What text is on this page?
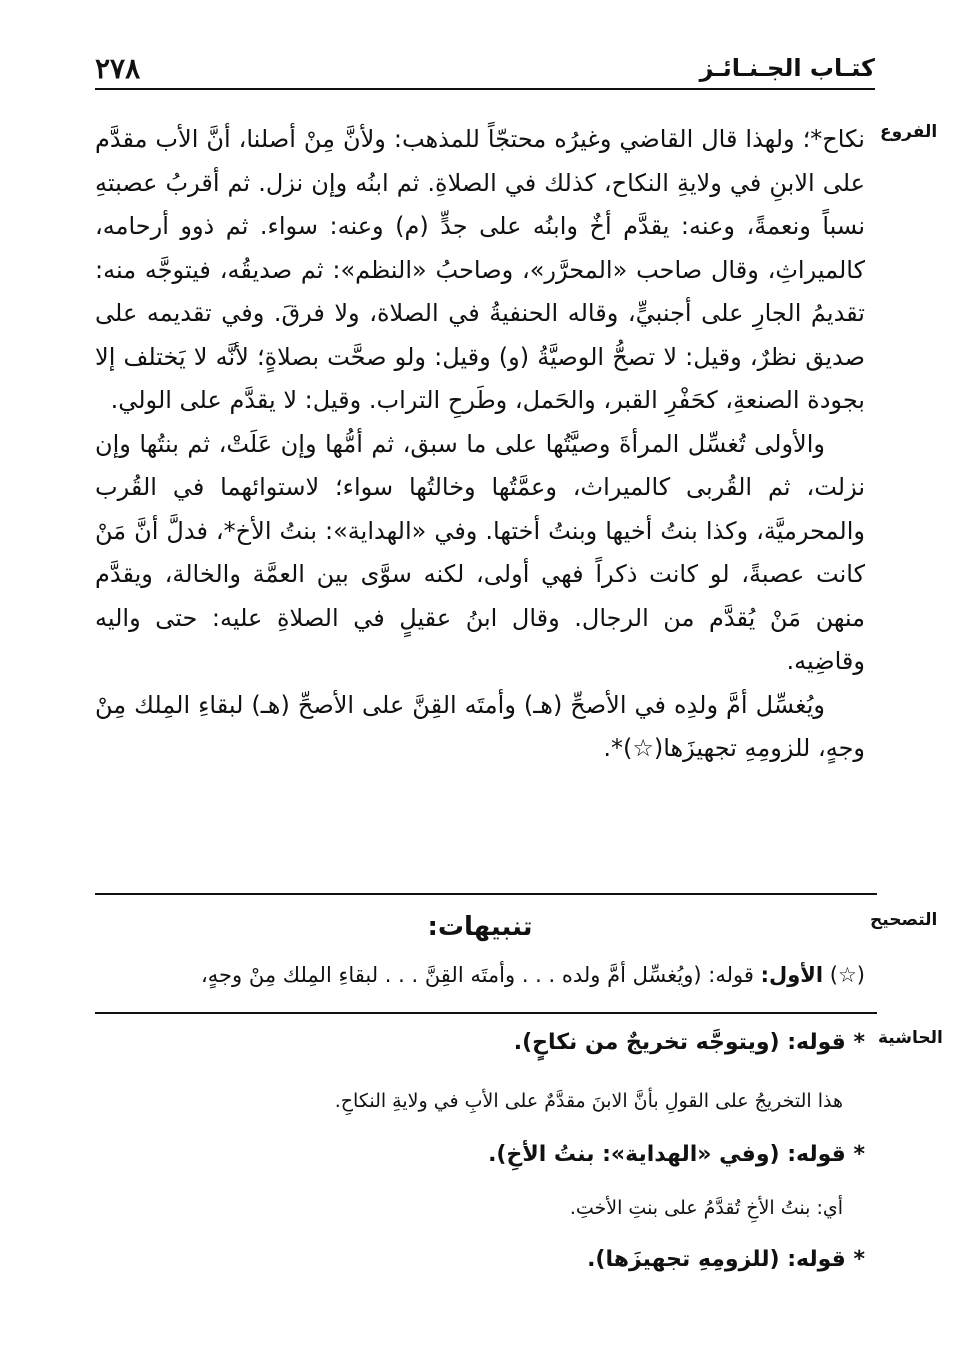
٢٧٨	كتـاب الجـنـائـز
الفروع

نكاح*؛ ولهذا قال القاضي وغيرُه محتجّاً للمذهب: ولأنَّ مِنْ أصلنا، أنَّ الأب مقدَّم على الابنِ في ولايةِ النكاح، كذلك في الصلاةِ. ثم ابنُه وإن نزل. ثم أقربُ عصبتهِ نسباً ونعمةً، وعنه: يقدَّم أخٌ وابنُه على جدٍّ (م) وعنه: سواء. ثم ذوو أرحامه، كالميراثِ، وقال صاحب «المحرَّر»، وصاحبُ «النظم»: ثم صديقُه، فيتوجَّه منه: تقديمُ الجارِ على أجنبيٍّ، وقاله الحنفيةُ في الصلاة، ولا فرقَ. وفي تقديمه على صديق نظرٌ، وقيل: لا تصحُّ الوصيَّةُ (و) وقيل: ولو صحَّت بصلاةٍ؛ لأنَّه لا يَختلف إلا بجودة الصنعةِ، كحَفْرِ القبر، والحَمل، وطَرحِ التراب. وقيل: لا يقدَّم على الولي.

والأولى تُغسِّل المرأةَ وصيَّتُها على ما سبق، ثم أمُّها وإن عَلَتْ، ثم بنتُها وإن نزلت، ثم القُربى كالميراث، وعمَّتُها وخالتُها سواء؛ لاستوائهما في القُرب والمحرميَّة، وكذا بنتُ أخيها وبنتُ أختها. وفي «الهداية»: بنتُ الأخ*، فدلَّ أنَّ مَنْ كانت عصبةً، لو كانت ذكراً فهي أولى، لكنه سوَّى بين العمَّة والخالة، ويقدَّم منهن مَنْ يُقدَّم من الرجال. وقال ابنُ عقيلٍ في الصلاةِ عليه: حتى واليه وقاضِيه.

ويُغسِّل أمَّ ولدِه في الأصحِّ (هـ) وأمتَه القِنَّ على الأصحِّ (هـ) لبقاءِ المِلك مِنْ وجهٍ، للزومِهِ تجهيزَها(☆)*.

التصحيح
تنبيهات:
(☆) الأول: قوله: (ويُغسِّل أمَّ ولده . . . وأمتَه القِنَّ . . . لبقاءِ المِلك مِنْ وجهٍ،
الحاشية
* قوله: (ويتوجَّه تخريجٌ من نكاحٍ).
هذا التخريجُ على القولِ بأنَّ الابنَ مقدَّمٌ على الأبِ في ولايةِ النكاحِ.
* قوله: (وفي «الهداية»: بنتُ الأخِ).
أي: بنتُ الأخِ تُقدَّمُ على بنتِ الأختِ.
* قوله: (للزومِهِ تجهيزَها).
